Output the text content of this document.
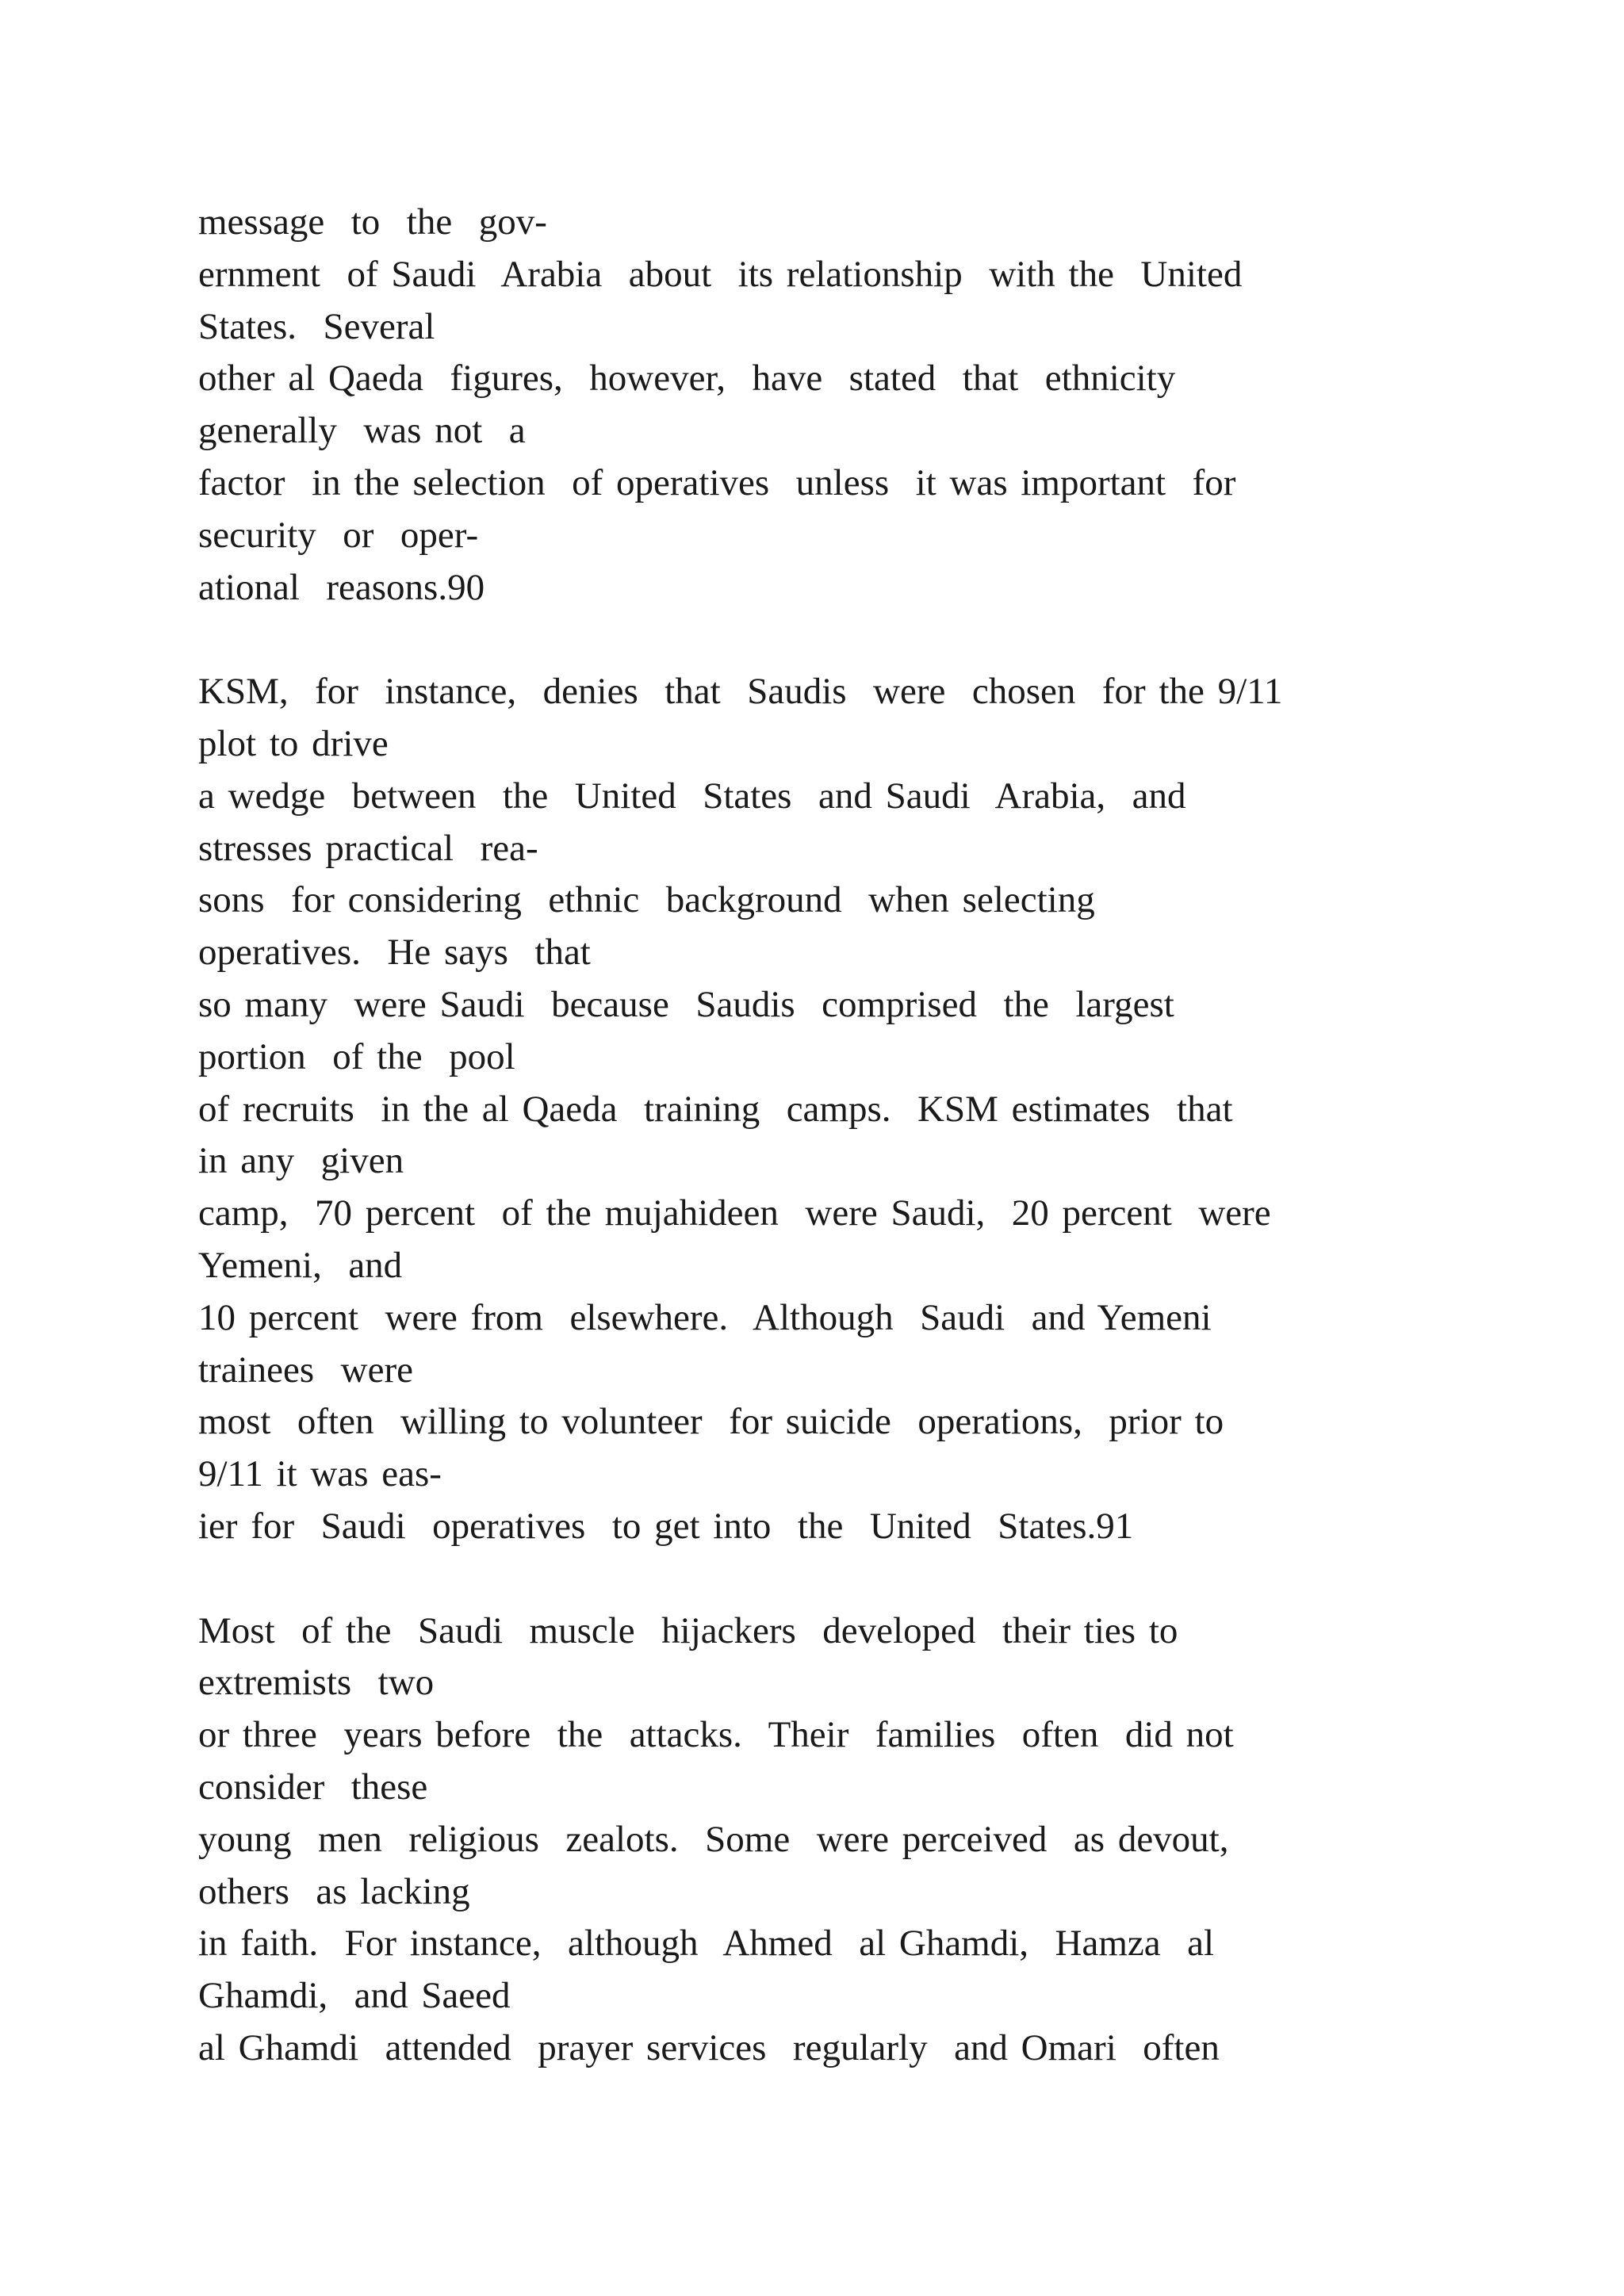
message  to  the  gov-
ernment  of Saudi  Arabia  about  its relationship  with the  United
States.  Several
other al Qaeda  figures,  however,  have  stated  that  ethnicity
generally  was not  a
factor  in the selection  of operatives  unless  it was important  for
security  or  oper-
ational  reasons.90

KSM,  for  instance,  denies  that  Saudis  were  chosen  for the 9/11
plot to drive
a wedge  between  the  United  States  and Saudi  Arabia,  and
stresses practical  rea-
sons  for considering  ethnic  background  when selecting
operatives.  He says  that
so many  were Saudi  because  Saudis  comprised  the  largest
portion  of the  pool
of recruits  in the al Qaeda  training  camps.  KSM estimates  that
in any  given
camp,  70 percent  of the mujahideen  were Saudi,  20 percent  were
Yemeni,  and
10 percent  were from  elsewhere.  Although  Saudi  and Yemeni
trainees  were
most  often  willing to volunteer  for suicide  operations,  prior to
9/11 it was eas-
ier for  Saudi  operatives  to get into  the  United  States.91

Most  of the  Saudi  muscle  hijackers  developed  their ties to
extremists  two
or three  years before  the  attacks.  Their  families  often  did not
consider  these
young  men  religious  zealots.  Some  were perceived  as devout,
others  as lacking
in faith.  For instance,  although  Ahmed  al Ghamdi,  Hamza  al
Ghamdi,  and Saeed
al Ghamdi  attended  prayer services  regularly  and Omari  often
